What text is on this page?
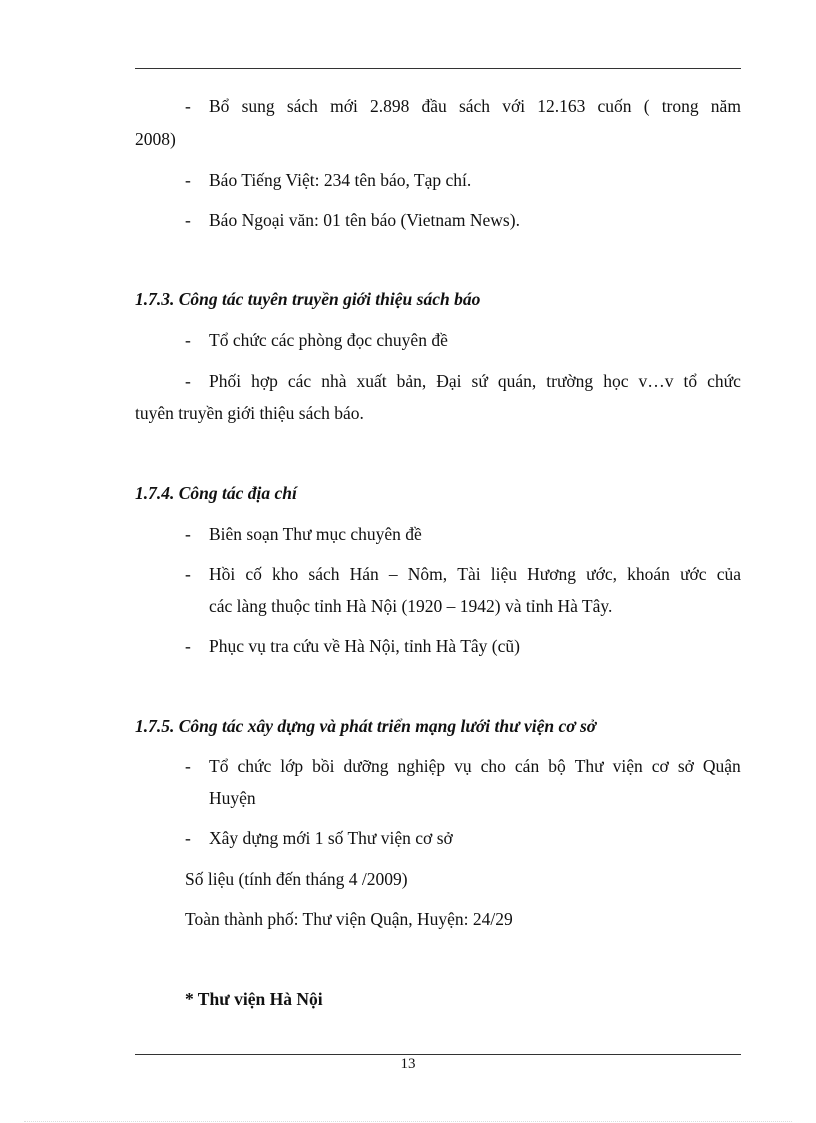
- Bổ sung sách mới 2.898 đầu sách với 12.163 cuốn ( trong năm
2008)
- Báo Tiếng Việt: 234 tên báo, Tạp chí.
- Báo Ngoại văn: 01 tên báo (Vietnam News).
1.7.3. Công tác tuyên truyền giới thiệu sách báo
- Tổ chức các phòng đọc chuyên đề
- Phối hợp các nhà xuất bản, Đại sứ quán, trường học v…v tổ chức
tuyên truyền giới thiệu sách báo.
1.7.4. Công tác địa chí
- Biên soạn Thư mục chuyên đề
- Hồi cố kho sách Hán – Nôm, Tài liệu Hương ước, khoán ước của
các làng thuộc tỉnh Hà Nội (1920 – 1942) và tỉnh Hà Tây.
- Phục vụ tra cứu về Hà Nội, tỉnh Hà Tây (cũ)
1.7.5. Công tác xây dựng và phát triển mạng lưới thư viện cơ sở
- Tổ chức lớp bồi dưỡng nghiệp vụ cho cán bộ Thư viện cơ sở Quận
Huyện
- Xây dựng mới 1 số Thư viện cơ sở
Số liệu (tính đến tháng 4 /2009)
Toàn thành phố: Thư viện Quận, Huyện: 24/29
* Thư viện Hà Nội
13
